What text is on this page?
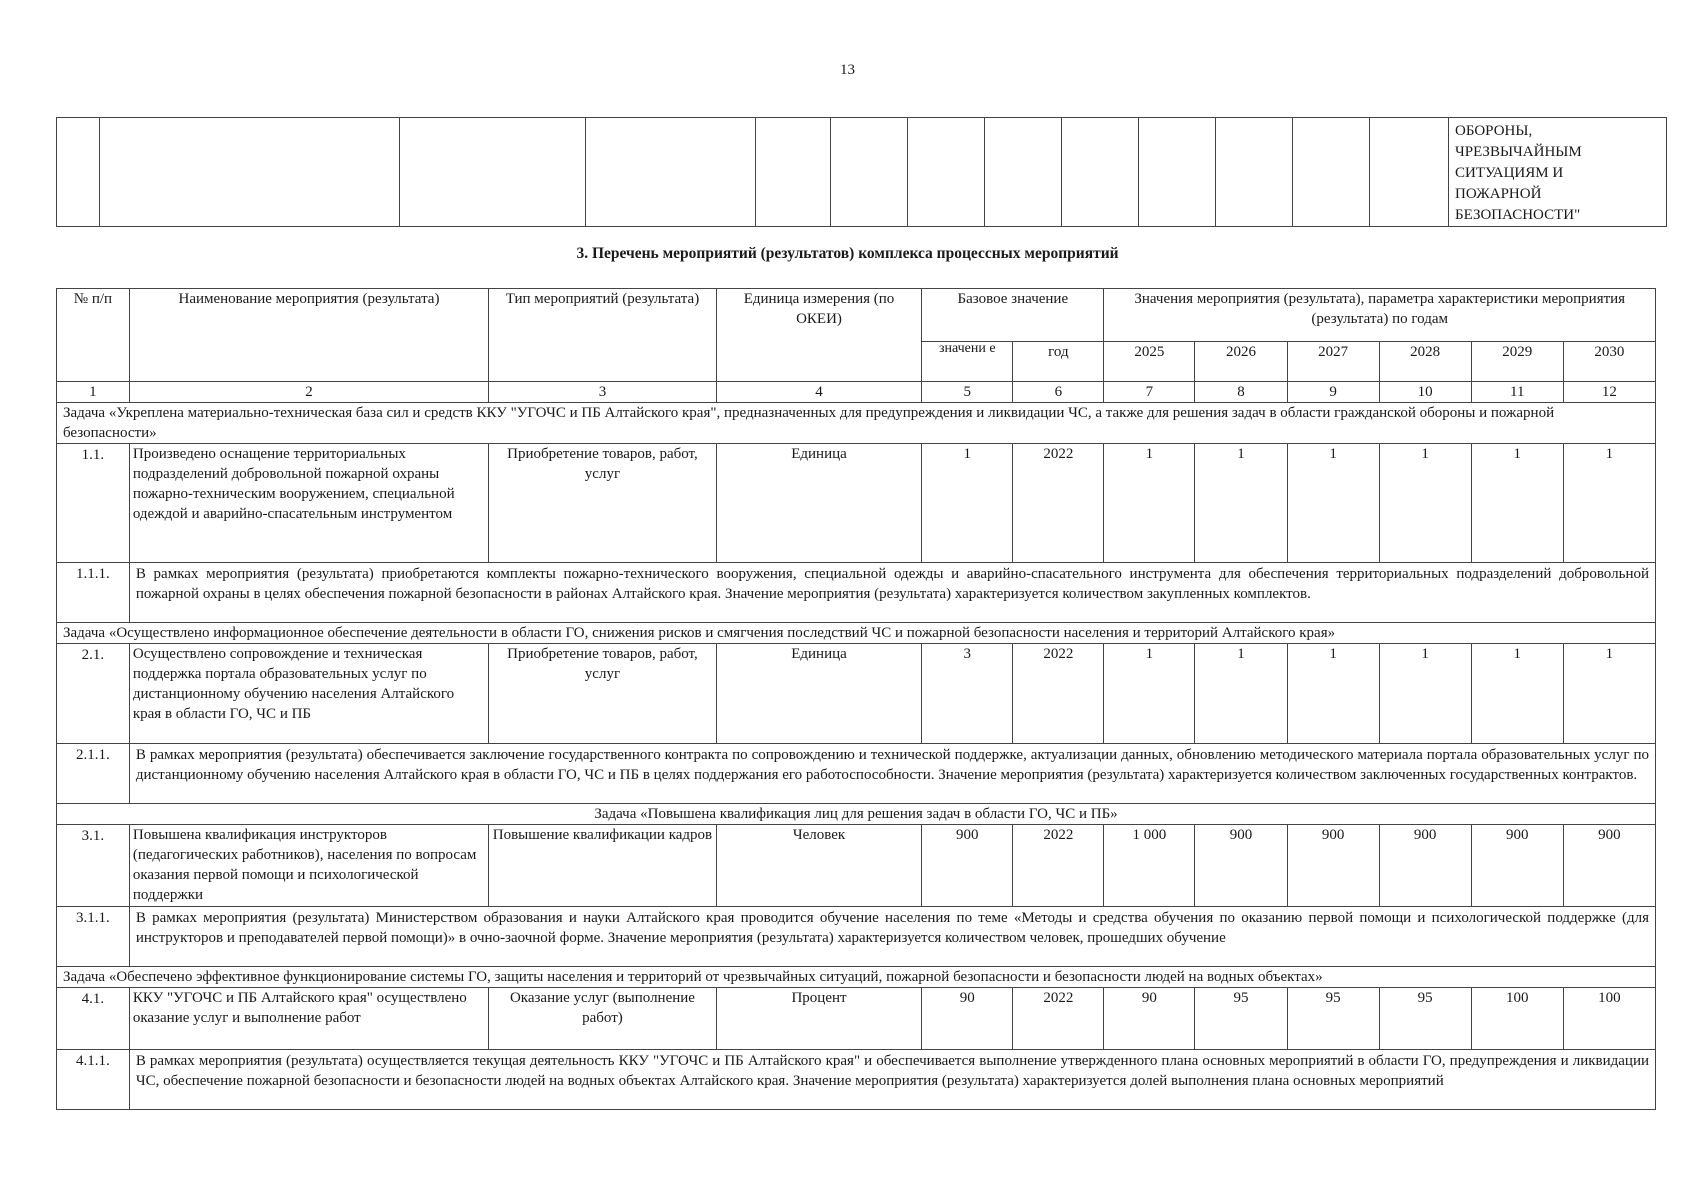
13

ОБОРОНЫ,
ЧРЕЗВЫЧАЙНЫМ
СИТУАЦИЯМ И
ПОЖАРНОЙ
БЕЗОПАСНОСТИ"
3. Перечень мероприятий (результатов) комплекса процессных мероприятий
№ п/п	Наименование мероприятия (результата)	Тип мероприятий (результата)	Единица измерения (по ОКЕИ)	Базовое значение		Значения мероприятия (результата), параметра характеристики мероприятия (результата) по годам					
				значени е	год	2025	2026	2027	2028	2029	2030
1	2	3	4	5	6	7	8	9	10	11	12
Задача «Укреплена материально-техническая база сил и средств ККУ "УГОЧС и ПБ Алтайского края", предназначенных для предупреждения и ликвидации ЧС, а также для решения задач в области гражданской обороны и пожарной безопасности»											
1.1.	Произведено оснащение территориальных подразделений добровольной пожарной охраны пожарно-техническим вооружением, специальной одеждой и аварийно-спасательным инструментом	Приобретение товаров, работ, услуг	Единица	1	2022	1	1	1	1	1	1
1.1.1.	В рамках мероприятия (результата) приобретаются комплекты пожарно-технического вооружения, специальной одежды и аварийно-спасательного инструмента для обеспечения территориальных подразделений добровольной пожарной охраны в целях обеспечения пожарной безопасности в районах Алтайского края. Значение мероприятия (результата) характеризуется количеством закупленных комплектов.										
Задача «Осуществлено информационное обеспечение деятельности в области ГО, снижения рисков и смягчения последствий ЧС и пожарной безопасности населения и территорий Алтайского края»											
2.1.	Осуществлено сопровождение и техническая поддержка портала образовательных услуг по дистанционному обучению населения Алтайского края в области ГО, ЧС и ПБ	Приобретение товаров, работ, услуг	Единица	3	2022	1	1	1	1	1	1
2.1.1.	В рамках мероприятия (результата) обеспечивается заключение государственного контракта по сопровождению и технической поддержке, актуализации данных, обновлению методического материала портала образовательных услуг по дистанционному обучению населения Алтайского края в области ГО, ЧС и ПБ в целях поддержания его работоспособности. Значение мероприятия (результата) характеризуется количеством заключенных государственных контрактов.										
Задача «Повышена квалификация лиц для решения задач в области ГО, ЧС и ПБ»											
3.1.	Повышена квалификация инструкторов (педагогических работников), населения по вопросам оказания первой помощи и психологической поддержки	Повышение квалификации кадров	Человек	900	2022	1 000	900	900	900	900	900
3.1.1.	В рамках мероприятия (результата) Министерством образования и науки Алтайского края проводится обучение населения по теме «Методы и средства обучения по оказанию первой помощи и психологической поддержке (для инструкторов и преподавателей первой помощи)» в очно-заочной форме. Значение мероприятия (результата) характеризуется количеством человек, прошедших обучение										
Задача «Обеспечено эффективное функционирование системы ГО, защиты населения и территорий от чрезвычайных ситуаций, пожарной безопасности и безопасности людей на водных объектах»											
4.1.	ККУ "УГОЧС и ПБ Алтайского края" осуществлено оказание услуг и выполнение работ	Оказание услуг (выполнение работ)	Процент	90	2022	90	95	95	95	100	100
4.1.1.	В рамках мероприятия (результата) осуществляется текущая деятельность ККУ "УГОЧС и ПБ Алтайского края" и обеспечивается выполнение утвержденного плана основных мероприятий в области ГО, предупреждения и ликвидации ЧС, обеспечение пожарной безопасности и безопасности людей на водных объектах Алтайского края. Значение мероприятия (результата) характеризуется долей выполнения плана основных мероприятий										
